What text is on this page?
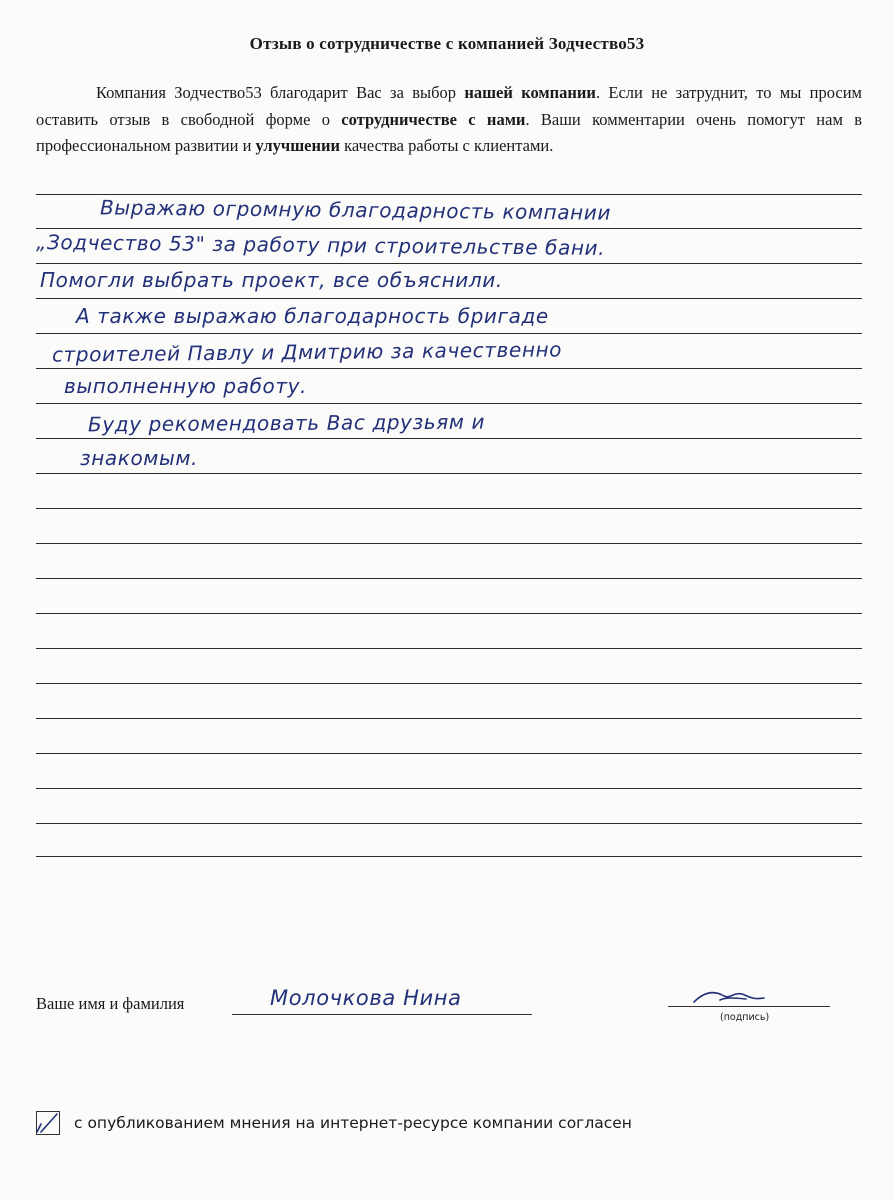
Отзыв о сотрудничестве с компанией Зодчество53
Компания Зодчество53 благодарит Вас за выбор нашей компании. Если не затруднит, то мы просим оставить отзыв в свободной форме о сотрудничестве с нами. Ваши комментарии очень помогут нам в профессиональном развитии и улучшении качества работы с клиентами.
Выражаю огромную благодарность компании
„Зодчество 53" за работу при строительстве бани.
Помогли выбрать проект, все объяснили.
А также выражаю благодарность бригаде
строителей Павлу и Дмитрию за качественно
выполненную работу.
Буду рекомендовать Вас друзьям и
знакомым.
Ваше имя и фамилия	Молочкова Нина
(подпись)
с опубликованием мнения на интернет-ресурсе компании согласен
